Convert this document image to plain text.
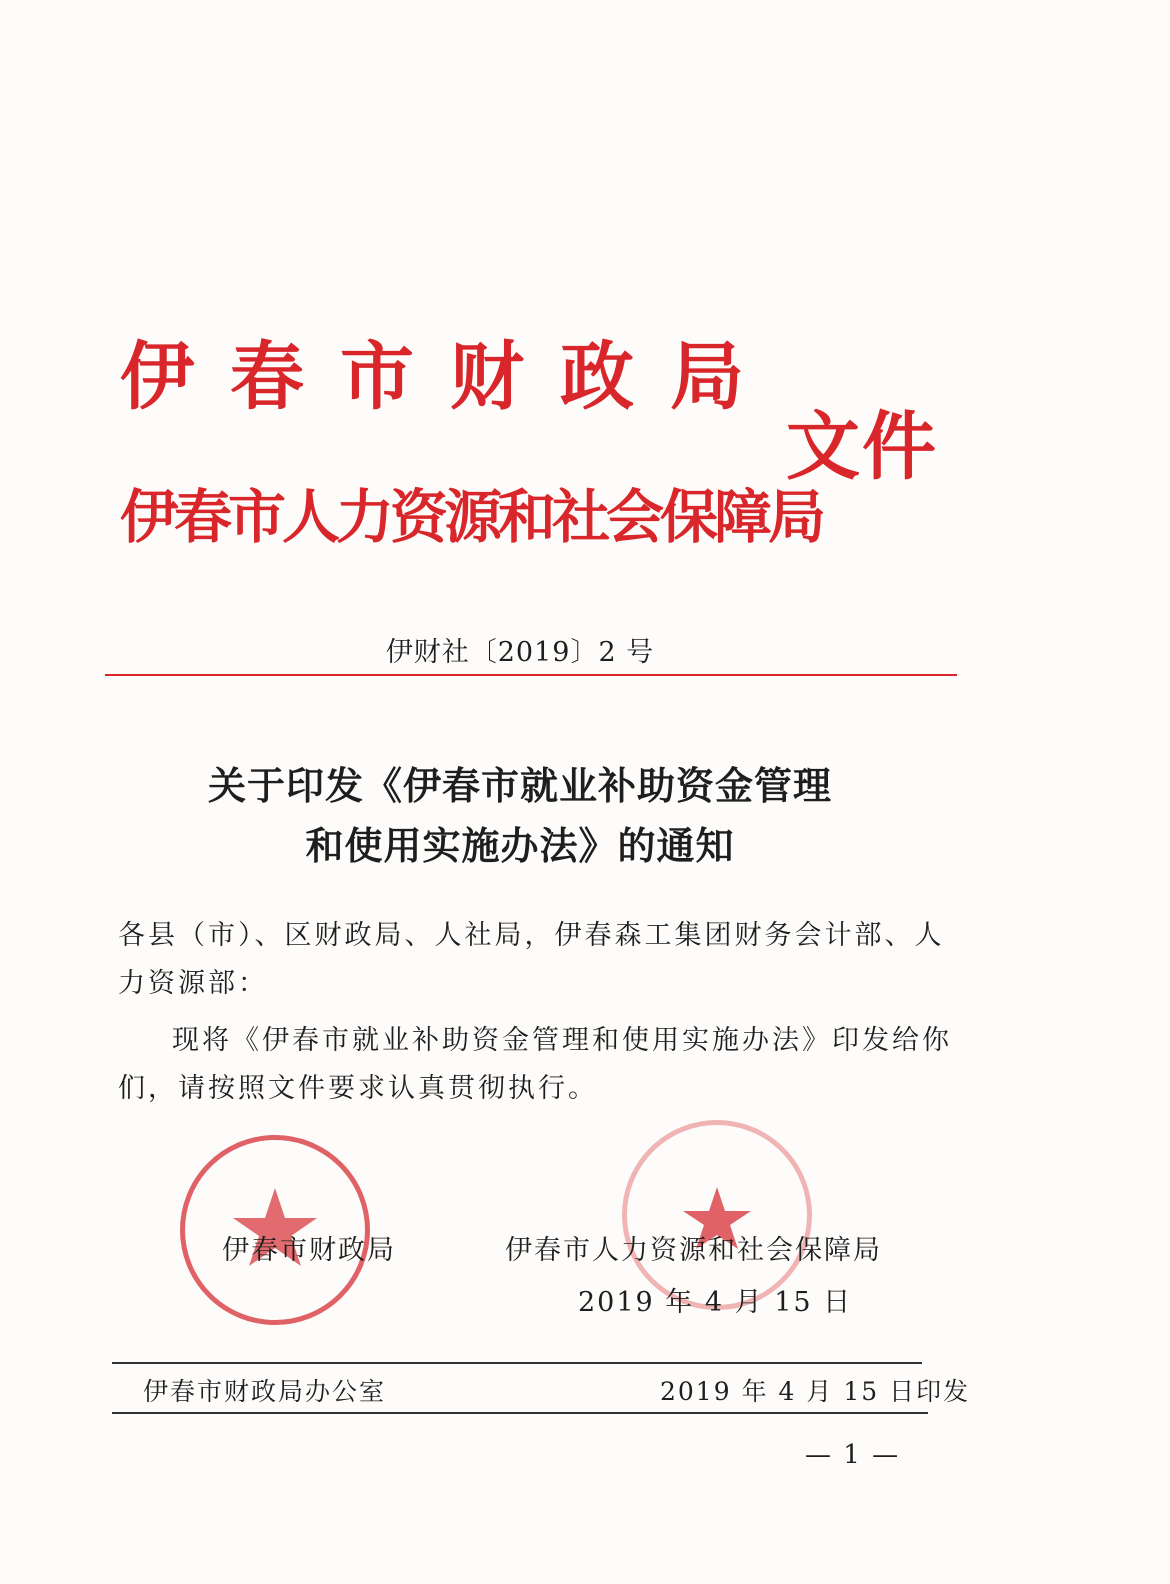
伊春市财政局
伊春市人力资源和社会保障局
文件
伊财社〔2019〕2 号
关于印发《伊春市就业补助资金管理
和使用实施办法》的通知
各县（市）、区财政局、人社局，伊春森工集团财务会计部、人
力资源部：
现将《伊春市就业补助资金管理和使用实施办法》印发给你
们，请按照文件要求认真贯彻执行。
伊春市财政局	伊春市人力资源和社会保障局
2019 年 4 月 15 日
伊春市财政局办公室	2019 年 4 月 15 日印发
— 1 —
